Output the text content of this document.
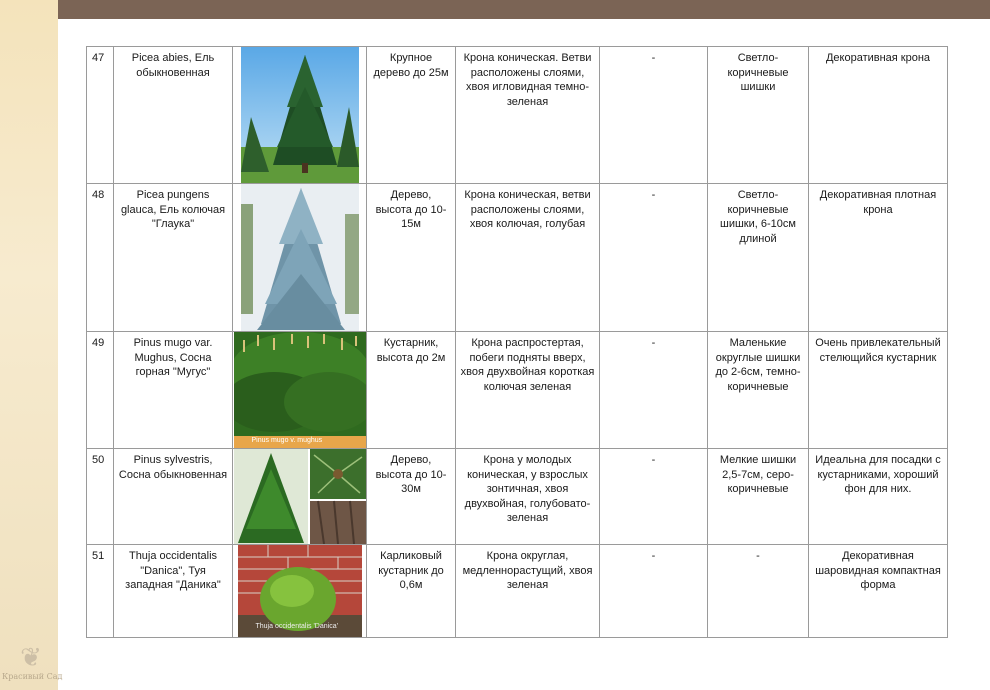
❦
Красивый Сад
47	Picea abies, Ель обыкновенная		Крупное дерево до 25м	Крона коническая. Ветви расположены слоями, хвоя игловидная темно-зеленая	-	Светло-коричневые шишки	Декоративная крона
48	Picea pungens glauca, Ель колючая "Глаука"		Дерево, высота до 10-15м	Крона коническая, ветви расположены слоями, хвоя колючая, голубая	-	Светло-коричневые шишки, 6-10см длиной	Декоративная плотная крона
49	Pinus mugo var. Mughus, Сосна горная "Мугус"	Pinus mugo v. mughus	Кустарник, высота до 2м	Крона распростертая, побеги подняты вверх, хвоя двухвойная короткая колючая зеленая	-	Маленькие округлые шишки до 2-6см, темно-коричневые	Очень привлекательный стелющийся кустарник
50	Pinus sylvestris, Сосна обыкновенная		Дерево, высота до 10-30м	Крона у молодых коническая, у взрослых зонтичная, хвоя двухвойная, голубовато-зеленая	-	Мелкие шишки 2,5-7см, серо-коричневые	Идеальна для посадки с кустарниками, хороший фон для них.
51	Thuja occidentalis "Danica", Туя западная "Даника"	Thuja occidentalis 'Danica'	Карликовый кустарник до 0,6м	Крона округлая, медленнорастущий, хвоя зеленая	-	-	Декоративная шаровидная компактная форма
